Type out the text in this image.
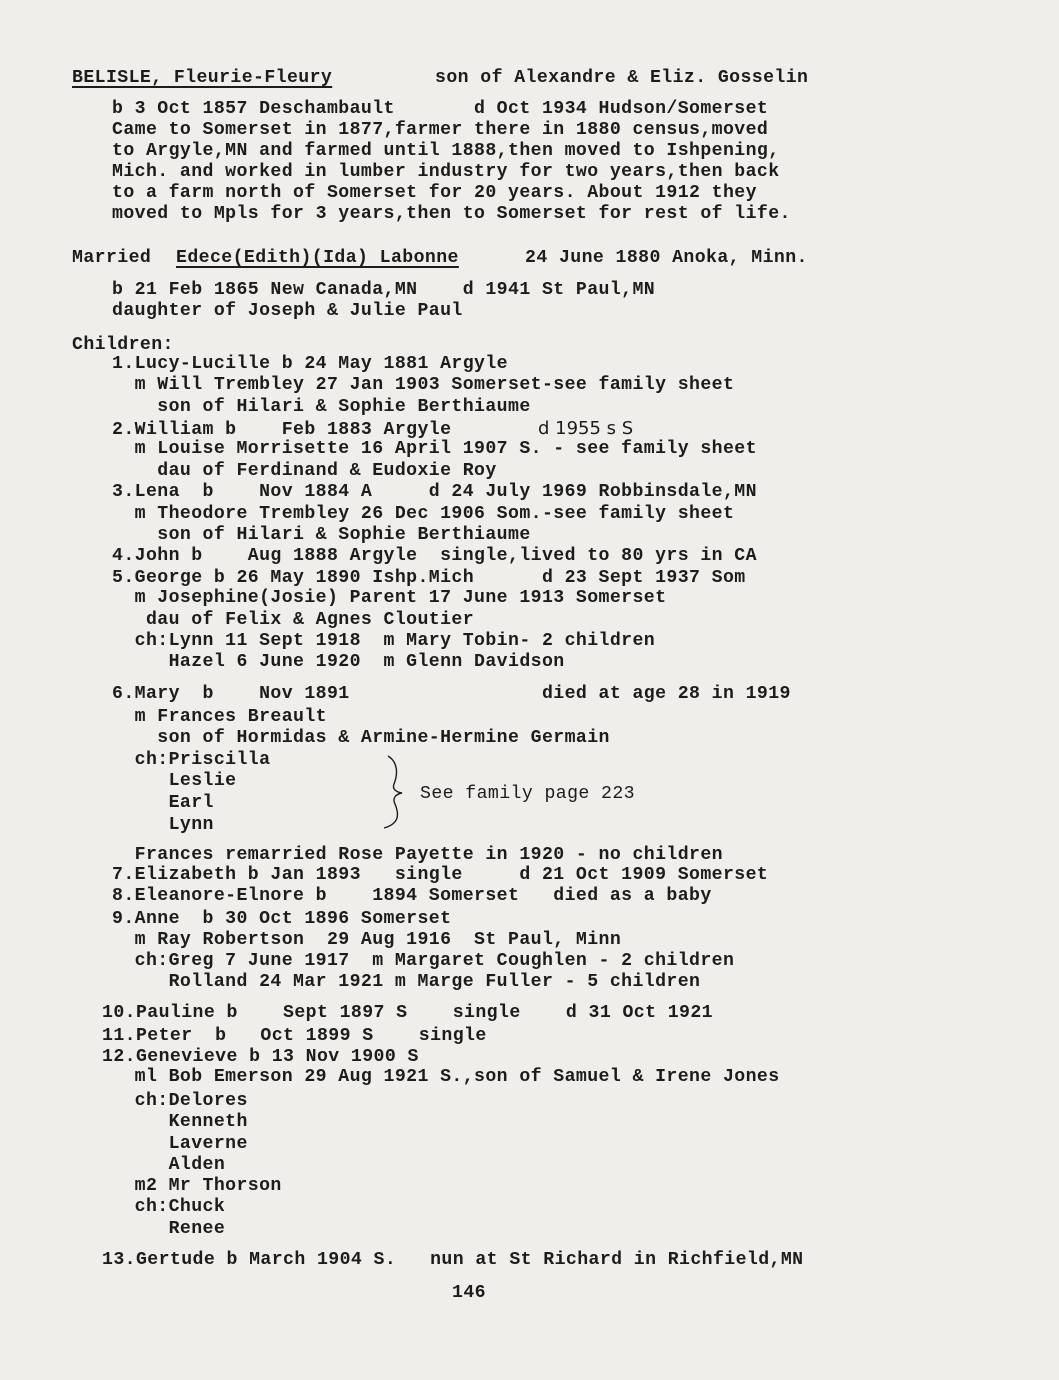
BELISLE, Fleurie-Fleury	son of Alexandre & Eliz. Gosselin
b 3 Oct 1857 Deschambault       d Oct 1934 Hudson/Somerset
Came to Somerset in 1877,farmer there in 1880 census,moved
to Argyle,MN and farmed until 1888,then moved to Ishpening,
Mich. and worked in lumber industry for two years,then back
to a farm north of Somerset for 20 years. About 1912 they
moved to Mpls for 3 years,then to Somerset for rest of life.
Married Edece(Edith)(Ida) Labonne	24 June 1880 Anoka, Minn.
b 21 Feb 1865 New Canada,MN    d 1941 St Paul,MN
daughter of Joseph & Julie Paul
Children:
1.Lucy-Lucille b 24 May 1881 Argyle
m Will Trembley 27 Jan 1903 Somerset-see family sheet
son of Hilari & Sophie Berthiaume
2.William b    Feb 1883 Argyle	d 1955 s S
m Louise Morrisette 16 April 1907 S. - see family sheet
dau of Ferdinand & Eudoxie Roy
3.Lena  b    Nov 1884 A     d 24 July 1969 Robbinsdale,MN
m Theodore Trembley 26 Dec 1906 Som.-see family sheet
son of Hilari & Sophie Berthiaume
4.John b    Aug 1888 Argyle  single,lived to 80 yrs in CA
5.George b 26 May 1890 Ishp.Mich      d 23 Sept 1937 Som
m Josephine(Josie) Parent 17 June 1913 Somerset
dau of Felix & Agnes Cloutier
ch:Lynn 11 Sept 1918  m Mary Tobin- 2 children
Hazel 6 June 1920  m Glenn Davidson
6.Mary  b    Nov 1891                 died at age 28 in 1919
m Frances Breault
son of Hormidas & Armine-Hermine Germain
ch:Priscilla
Leslie
Earl
Lynn
See family page 223
Frances remarried Rose Payette in 1920 - no children
7.Elizabeth b Jan 1893   single     d 21 Oct 1909 Somerset
8.Eleanore-Elnore b    1894 Somerset   died as a baby
9.Anne  b 30 Oct 1896 Somerset
m Ray Robertson  29 Aug 1916  St Paul, Minn
ch:Greg 7 June 1917  m Margaret Coughlen - 2 children
Rolland 24 Mar 1921 m Marge Fuller - 5 children
10.Pauline b    Sept 1897 S    single    d 31 Oct 1921
11.Peter  b   Oct 1899 S    single
12.Genevieve b 13 Nov 1900 S
ml Bob Emerson 29 Aug 1921 S.,son of Samuel & Irene Jones
ch:Delores
Kenneth
Laverne
Alden
m2 Mr Thorson
ch:Chuck
Renee
13.Gertude b March 1904 S.   nun at St Richard in Richfield,MN
146
